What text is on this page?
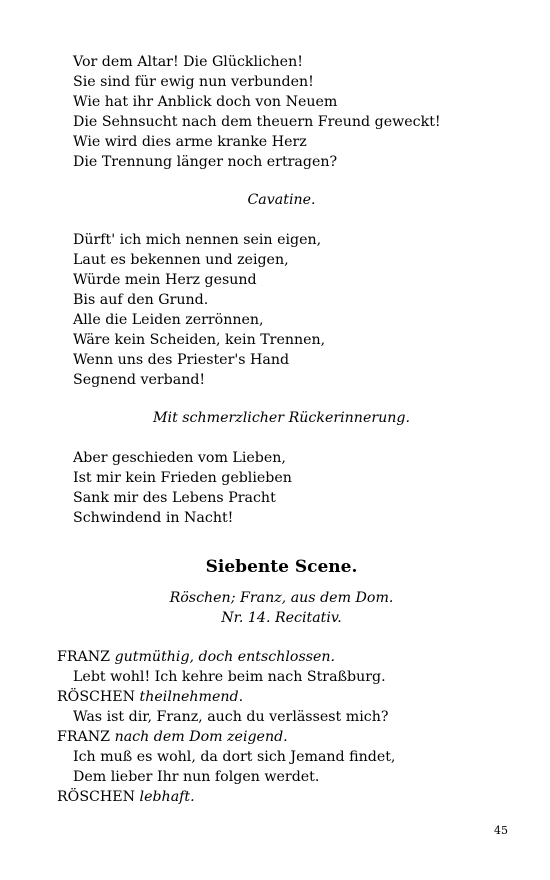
Vor dem Altar! Die Glücklichen!
Sie sind für ewig nun verbunden!
Wie hat ihr Anblick doch von Neuem
Die Sehnsucht nach dem theuern Freund geweckt!
Wie wird dies arme kranke Herz
Die Trennung länger noch ertragen?
Cavatine.
Dürft' ich mich nennen sein eigen,
Laut es bekennen und zeigen,
Würde mein Herz gesund
Bis auf den Grund.
Alle die Leiden zerrönnen,
Wäre kein Scheiden, kein Trennen,
Wenn uns des Priester's Hand
Segnend verband!
Mit schmerzlicher Rückerinnerung.
Aber geschieden vom Lieben,
Ist mir kein Frieden geblieben
Sank mir des Lebens Pracht
Schwindend in Nacht!
Siebente Scene.
Röschen; Franz, aus dem Dom.
Nr. 14. Recitativ.
FRANZ gutmüthig, doch entschlossen.
Lebt wohl! Ich kehre beim nach Straßburg.
RÖSCHEN theilnehmend.
Was ist dir, Franz, auch du verlässest mich?
FRANZ nach dem Dom zeigend.
Ich muß es wohl, da dort sich Jemand findet,
Dem lieber Ihr nun folgen werdet.
RÖSCHEN lebhaft.
45
